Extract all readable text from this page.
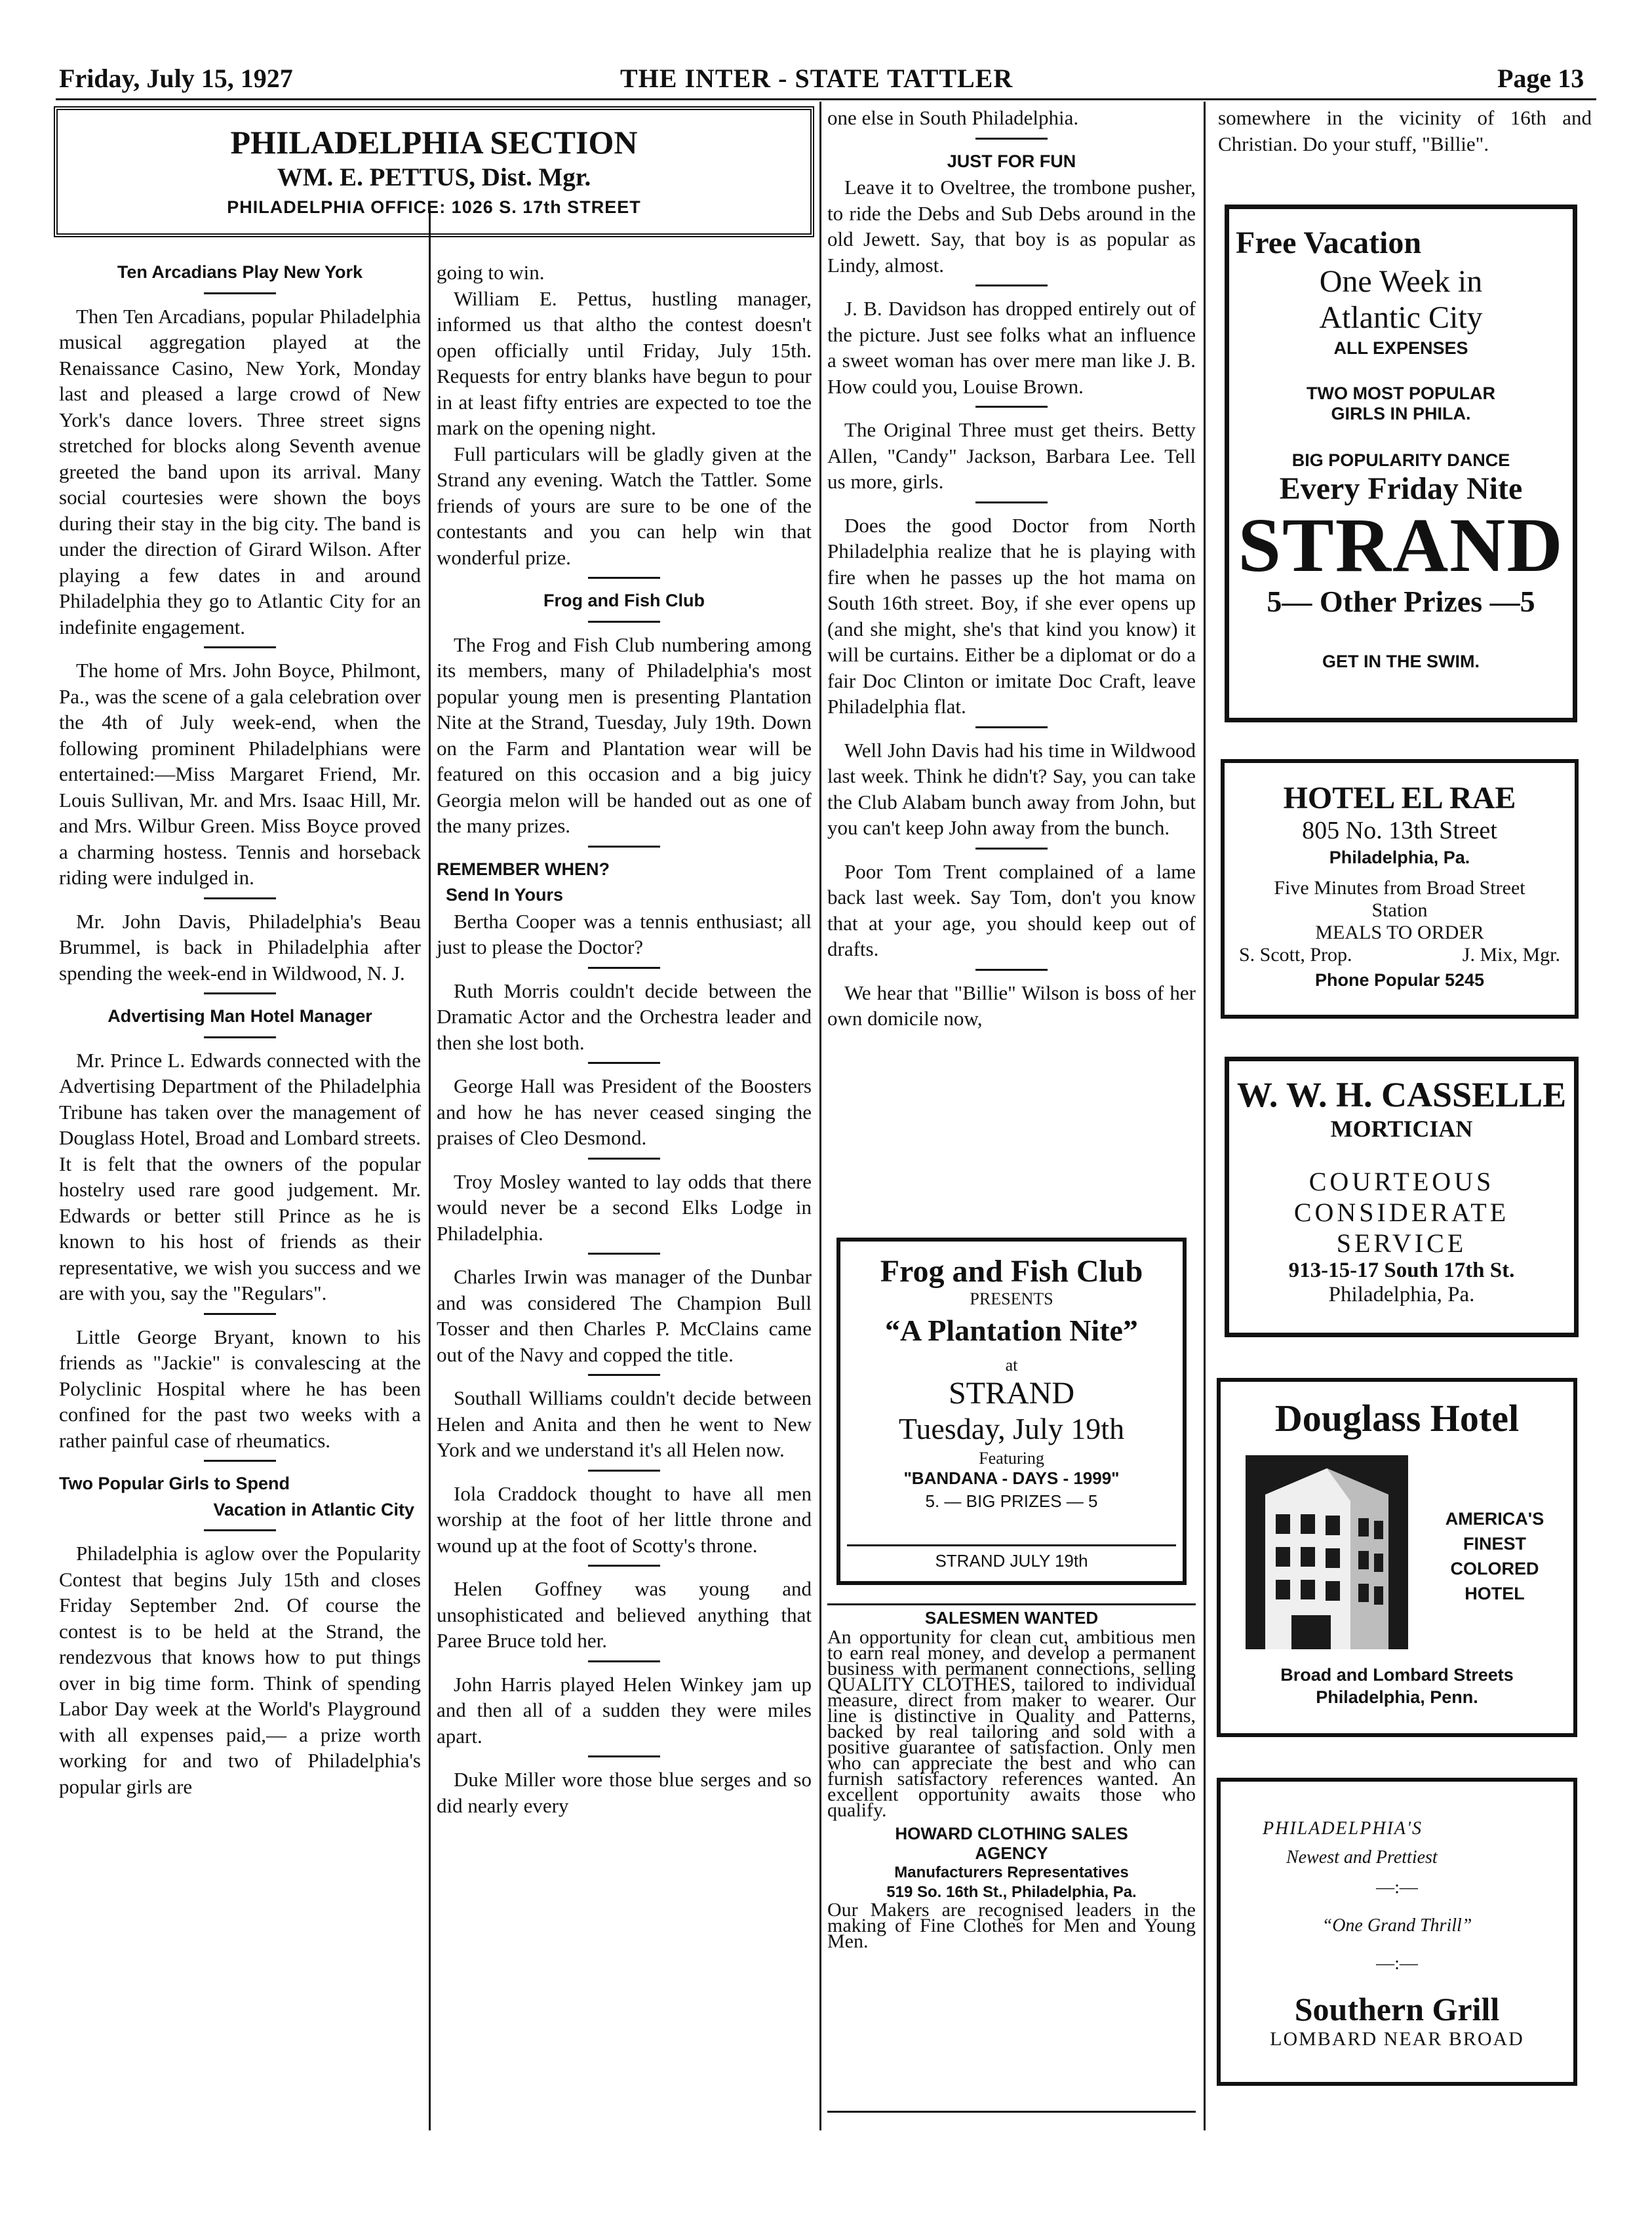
Friday, July 15, 1927	THE INTER - STATE TATTLER	Page 13
PHILADELPHIA SECTION
WM. E. PETTUS, Dist. Mgr.
PHILADELPHIA OFFICE: 1026 S. 17th STREET

Ten Arcadians Play New York

Then Ten Arcadians, popular Philadelphia musical aggregation played at the Renaissance Casino, New York, Monday last and pleased a large crowd of New York's dance lovers. Three street signs stretched for blocks along Seventh avenue greeted the band upon its arrival. Many social courtesies were shown the boys during their stay in the big city. The band is under the direction of Girard Wilson. After playing a few dates in and around Philadelphia they go to Atlantic City for an indefinite engagement.

The home of Mrs. John Boyce, Philmont, Pa., was the scene of a gala celebration over the 4th of July week-end, when the following prominent Philadelphians were entertained:—Miss Margaret Friend, Mr. Louis Sullivan, Mr. and Mrs. Isaac Hill, Mr. and Mrs. Wilbur Green. Miss Boyce proved a charming hostess. Tennis and horseback riding were indulged in.

Mr. John Davis, Philadelphia's Beau Brummel, is back in Philadelphia after spending the week-end in Wildwood, N. J.

Advertising Man Hotel Manager

Mr. Prince L. Edwards connected with the Advertising Department of the Philadelphia Tribune has taken over the management of Douglass Hotel, Broad and Lombard streets. It is felt that the owners of the popular hostelry used rare good judgement. Mr. Edwards or better still Prince as he is known to his host of friends as their representative, we wish you success and we are with you, say the "Regulars".

Little George Bryant, known to his friends as "Jackie" is convalescing at the Polyclinic Hospital where he has been confined for the past two weeks with a rather painful case of rheumatics.

Two Popular Girls to Spend

Vacation in Atlantic City

Philadelphia is aglow over the Popularity Contest that begins July 15th and closes Friday September 2nd. Of course the contest is to be held at the Strand, the rendezvous that knows how to put things over in big time form. Think of spending Labor Day week at the World's Playground with all expenses paid,— a prize worth working for and two of Philadelphia's popular girls are

going to win.

William E. Pettus, hustling manager, informed us that altho the contest doesn't open officially until Friday, July 15th. Requests for entry blanks have begun to pour in at least fifty entries are expected to toe the mark on the opening night.

Full particulars will be gladly given at the Strand any evening. Watch the Tattler. Some friends of yours are sure to be one of the contestants and you can help win that wonderful prize.

Frog and Fish Club

The Frog and Fish Club numbering among its members, many of Philadelphia's most popular young men is presenting Plantation Nite at the Strand, Tuesday, July 19th. Down on the Farm and Plantation wear will be featured on this occasion and a big juicy Georgia melon will be handed out as one of the many prizes.

REMEMBER WHEN?

Send In Yours

Bertha Cooper was a tennis enthusiast; all just to please the Doctor?

Ruth Morris couldn't decide between the Dramatic Actor and the Orchestra leader and then she lost both.

George Hall was President of the Boosters and how he has never ceased singing the praises of Cleo Desmond.

Troy Mosley wanted to lay odds that there would never be a second Elks Lodge in Philadelphia.

Charles Irwin was manager of the Dunbar and was considered The Champion Bull Tosser and then Charles P. McClains came out of the Navy and copped the title.

Southall Williams couldn't decide between Helen and Anita and then he went to New York and we understand it's all Helen now.

Iola Craddock thought to have all men worship at the foot of her little throne and wound up at the foot of Scotty's throne.

Helen Goffney was young and unsophisticated and believed anything that Paree Bruce told her.

John Harris played Helen Winkey jam up and then all of a sudden they were miles apart.

Duke Miller wore those blue serges and so did nearly every

one else in South Philadelphia.

JUST FOR FUN

Leave it to Oveltree, the trombone pusher, to ride the Debs and Sub Debs around in the old Jewett. Say, that boy is as popular as Lindy, almost.

J. B. Davidson has dropped entirely out of the picture. Just see folks what an influence a sweet woman has over mere man like J. B. How could you, Louise Brown.

The Original Three must get theirs. Betty Allen, "Candy" Jackson, Barbara Lee. Tell us more, girls.

Does the good Doctor from North Philadelphia realize that he is playing with fire when he passes up the hot mama on South 16th street. Boy, if she ever opens up (and she might, she's that kind you know) it will be curtains. Either be a diplomat or do a fair Doc Clinton or imitate Doc Craft, leave Philadelphia flat.

Well John Davis had his time in Wildwood last week. Think he didn't? Say, you can take the Club Alabam bunch away from John, but you can't keep John away from the bunch.

Poor Tom Trent complained of a lame back last week. Say Tom, don't you know that at your age, you should keep out of drafts.

We hear that "Billie" Wilson is boss of her own domicile now,

Frog and Fish Club
PRESENTS
“A Plantation Nite”
at
STRAND
Tuesday, July 19th
Featuring
"BANDANA - DAYS - 1999"
5. — BIG PRIZES — 5
STRAND JULY 19th
SALESMEN WANTED
An opportunity for clean cut, ambitious men to earn real money, and develop a permanent business with permanent connections, selling QUALITY CLOTHES, tailored to individual measure, direct from maker to wearer. Our line is distinctive in Quality and Patterns, backed by real tailoring and sold with a positive guarantee of satisfaction. Only men who can appreciate the best and who can furnish satisfactory references wanted. An excellent opportunity awaits those who qualify.
HOWARD CLOTHING SALES
AGENCY
Manufacturers Representatives
519 So. 16th St., Philadelphia, Pa.
Our Makers are recognised leaders in the making of Fine Clothes for Men and Young Men.

somewhere in the vicinity of 16th and Christian. Do your stuff, "Billie".

Free Vacation
One Week in
Atlantic City
ALL EXPENSES
TWO MOST POPULAR
GIRLS IN PHILA.
BIG POPULARITY DANCE
Every Friday Nite
STRAND
5— Other Prizes —5
GET IN THE SWIM.
HOTEL EL RAE
805 No. 13th Street
Philadelphia, Pa.
Five Minutes from Broad Street
Station
MEALS TO ORDER
S. Scott, Prop.	J. Mix, Mgr.
Phone Popular 5245
W. W. H. CASSELLE
MORTICIAN
COURTEOUS
CONSIDERATE
SERVICE
913-15-17 South 17th St.
Philadelphia, Pa.
Douglass Hotel
AMERICA'S
FINEST
COLORED
HOTEL
Broad and Lombard Streets
Philadelphia, Penn.
PHILADELPHIA'S
Newest and Prettiest
—:—
“One Grand Thrill”
—:—
Southern Grill
LOMBARD NEAR BROAD
